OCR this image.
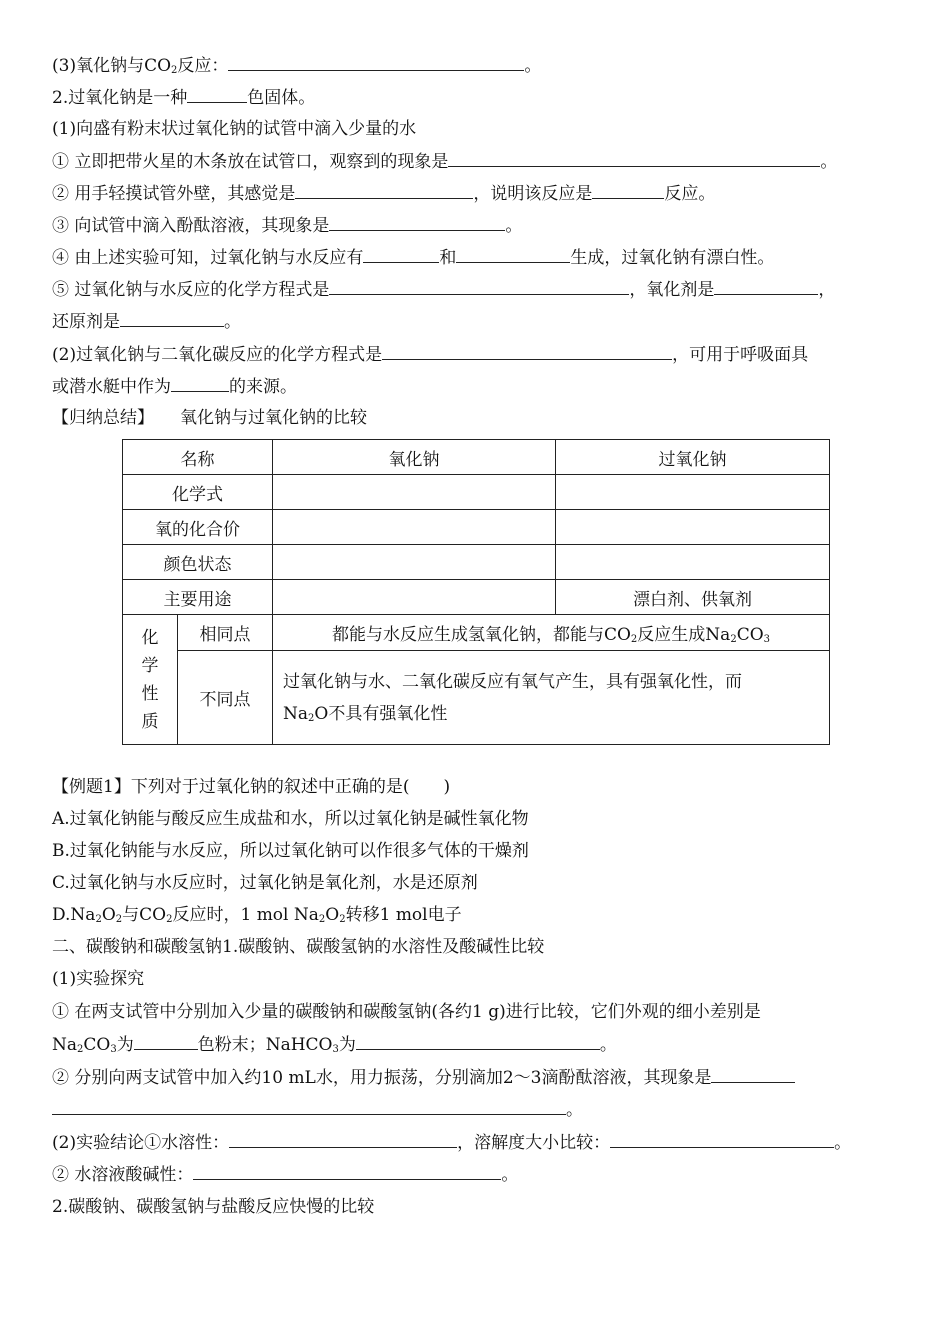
(3)氧化钠与$CO_2$反应：	。
2.过氧化钠是一种	色固体。
(1)向盛有粉末状过氧化钠的试管中滴入少量的水
① 立即把带火星的木条放在试管口，观察到的现象是	。
② 用手轻摸试管外壁，其感觉是	，说明该反应是	反应。
③ 向试管中滴入酚酞溶液，其现象是	。
④ 由上述实验可知，过氧化钠与水反应有	和	生成，过氧化钠有漂白性。
⑤ 过氧化钠与水反应的化学方程式是	，氧化剂是	，
还原剂是	。
(2)过氧化钠与二氧化碳反应的化学方程式是	，可用于呼吸面具
或潜水艇中作为	的来源。
【归纳总结】 氧化钠与过氧化钠的比较
名称		氧化钠	过氧化钠
化学式			
氧的化合价			
颜色状态			
主要用途			漂白剂、供氧剂
化
学
性
质	相同点	都能与水反应生成氢氧化钠，都能与$CO_2$反应生成$Na_2CO_3$
	不同点	过氧化钠与水、二氧化碳反应有氧气产生，具有强氧化性，而
$Na_2O$不具有强氧化性	
【例题1】下列对于过氧化钠的叙述中正确的是(　　)
A.过氧化钠能与酸反应生成盐和水，所以过氧化钠是碱性氧化物
B.过氧化钠能与水反应，所以过氧化钠可以作很多气体的干燥剂
C.过氧化钠与水反应时，过氧化钠是氧化剂，水是还原剂
$D.Na_2O_2$与$CO_2$反应时，1 mol $Na_2O_2$转移1 mol电子
二、碳酸钠和碳酸氢钠1.碳酸钠、碳酸氢钠的水溶性及酸碱性比较
(1)实验探究
① 在两支试管中分别加入少量的碳酸钠和碳酸氢钠(各约1 g)进行比较，它们外观的细小差别是
$Na_2CO_3$为	色粉末；NaHCO$_3$为	。
② 分别向两支试管中加入约10 mL水，用力振荡，分别滴加2～3滴酚酞溶液，其现象是
。
(2)实验结论①水溶性：	，溶解度大小比较：	。
② 水溶液酸碱性：	。
2.碳酸钠、碳酸氢钠与盐酸反应快慢的比较
